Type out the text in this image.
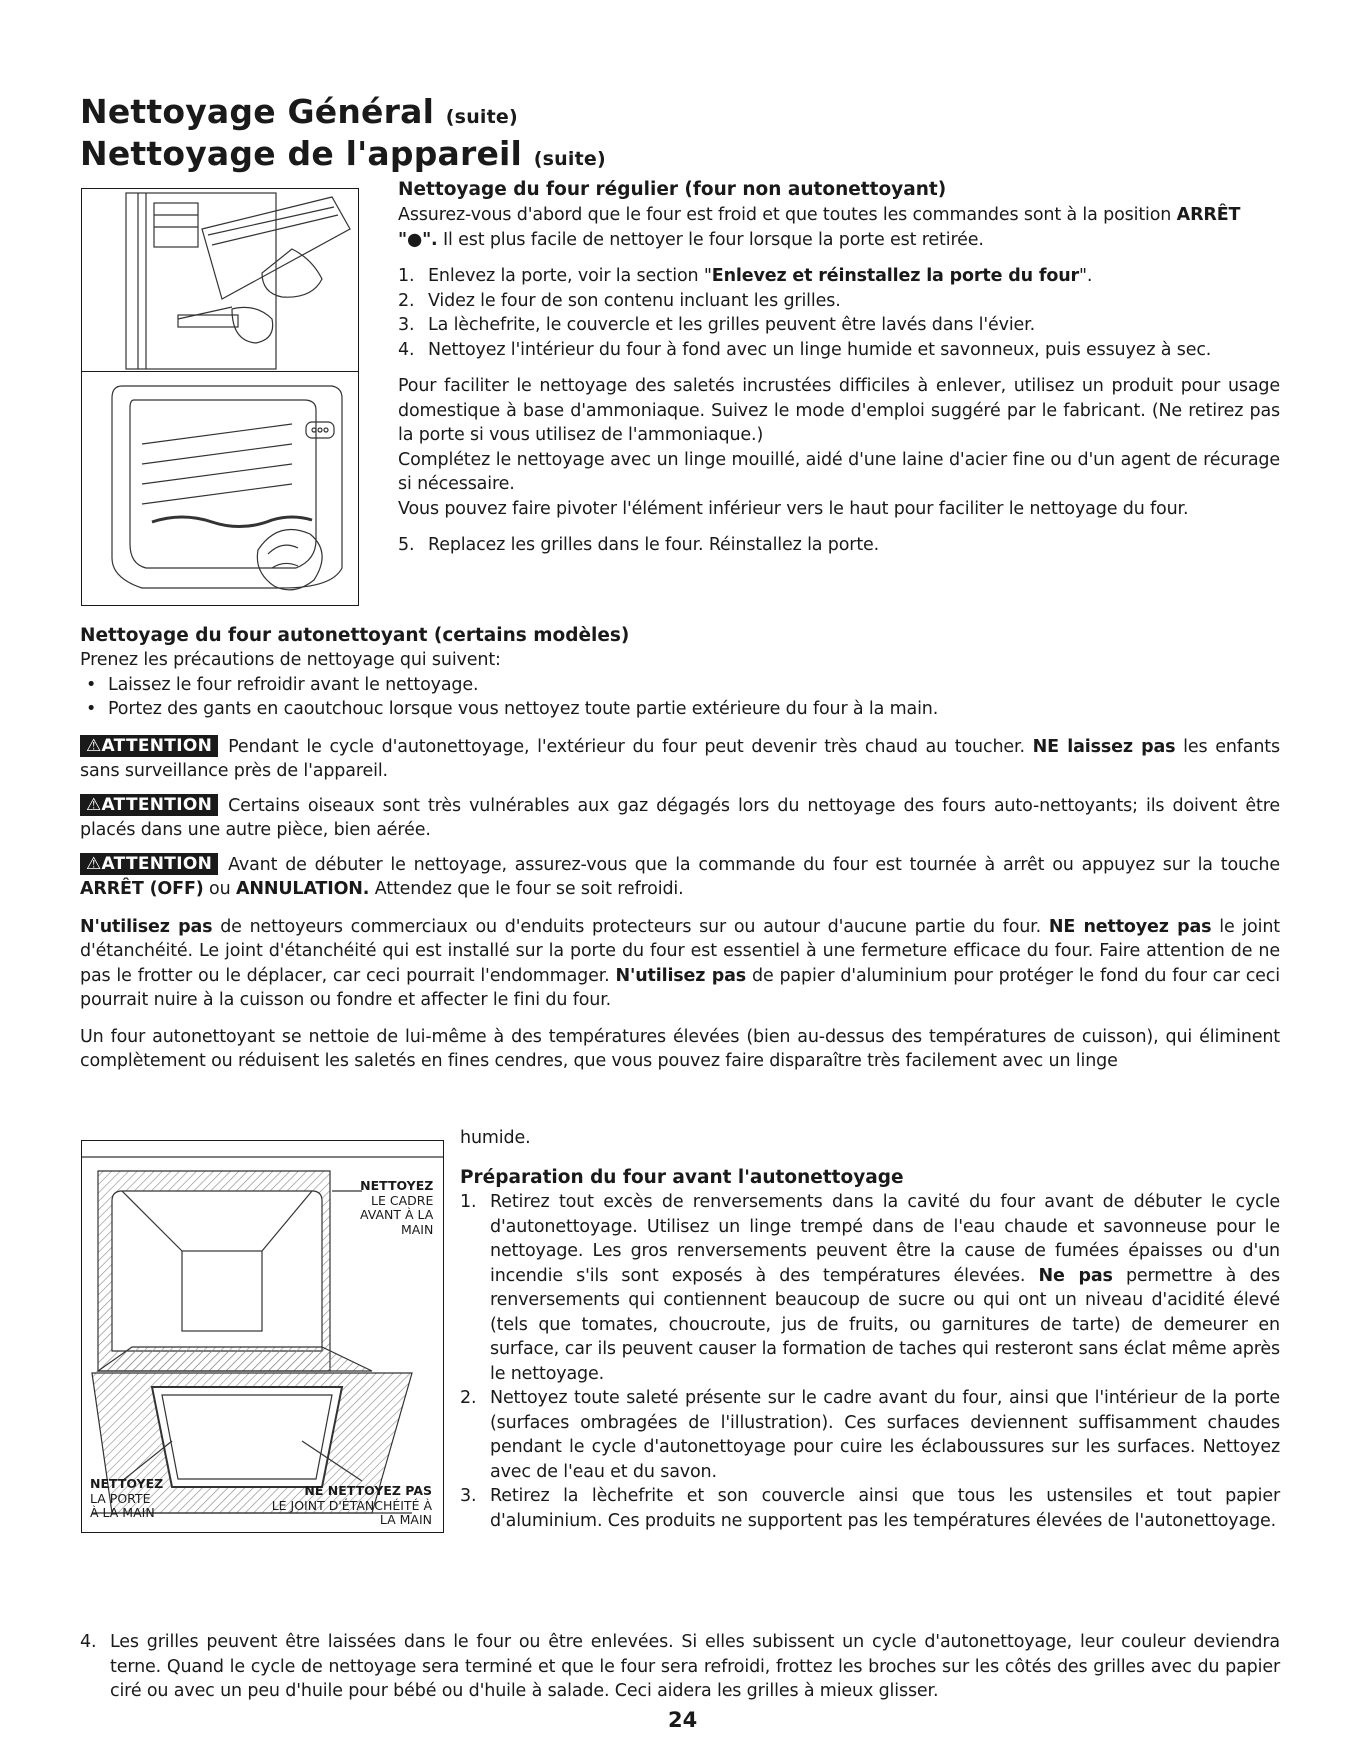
Nettoyage Général (suite)
Nettoyage de l'appareil (suite)
Nettoyage du four régulier (four non autonettoyant)
Assurez-vous d'abord que le four est froid et que toutes les commandes sont à la position ARRÊT "●". Il est plus facile de nettoyer le four lorsque la porte est retirée.
1. Enlevez la porte, voir la section "Enlevez et réinstallez la porte du four".
2. Videz le four de son contenu incluant les grilles.
3. La lèchefrite, le couvercle et les grilles peuvent être lavés dans l'évier.
4. Nettoyez l'intérieur du four à fond avec un linge humide et savonneux, puis essuyez à sec.
Pour faciliter le nettoyage des saletés incrustées difficiles à enlever, utilisez un produit pour usage domestique à base d'ammoniaque. Suivez le mode d'emploi suggéré par le fabricant. (Ne retirez pas la porte si vous utilisez de l'ammoniaque.)
Complétez le nettoyage avec un linge mouillé, aidé d'une laine d'acier fine ou d'un agent de récurage si nécessaire.
Vous pouvez faire pivoter l'élément inférieur vers le haut pour faciliter le nettoyage du four.
5. Replacez les grilles dans le four. Réinstallez la porte.
Nettoyage du four autonettoyant (certains modèles)
Prenez les précautions de nettoyage qui suivent:
• Laissez le four refroidir avant le nettoyage.
• Portez des gants en caoutchouc lorsque vous nettoyez toute partie extérieure du four à la main.
⚠ATTENTION Pendant le cycle d'autonettoyage, l'extérieur du four peut devenir très chaud au toucher. NE laissez pas les enfants sans surveillance près de l'appareil.
⚠ATTENTION Certains oiseaux sont très vulnérables aux gaz dégagés lors du nettoyage des fours auto-nettoyants; ils doivent être placés dans une autre pièce, bien aérée.
⚠ATTENTION Avant de débuter le nettoyage, assurez-vous que la commande du four est tournée à arrêt ou appuyez sur la touche ARRÊT (OFF) ou ANNULATION. Attendez que le four se soit refroidi.
N'utilisez pas de nettoyeurs commerciaux ou d'enduits protecteurs sur ou autour d'aucune partie du four. NE nettoyez pas le joint d'étanchéité. Le joint d'étanchéité qui est installé sur la porte du four est essentiel à une fermeture efficace du four. Faire attention de ne pas le frotter ou le déplacer, car ceci pourrait l'endommager. N'utilisez pas de papier d'aluminium pour protéger le fond du four car ceci pourrait nuire à la cuisson ou fondre et affecter le fini du four.
Un four autonettoyant se nettoie de lui-même à des températures élevées (bien au-dessus des températures de cuisson), qui éliminent complètement ou réduisent les saletés en fines cendres, que vous pouvez faire disparaître très facilement avec un linge
humide.
NETTOYEZ
LE CADRE
AVANT À LA
MAIN
NETTOYEZ
LA PORTE
À LA MAIN
NE NETTOYEZ PAS
LE JOINT D'ÉTANCHÉITÉ À
LA MAIN
Préparation du four avant l'autonettoyage
1. Retirez tout excès de renversements dans la cavité du four avant de débuter le cycle d'autonettoyage. Utilisez un linge trempé dans de l'eau chaude et savonneuse pour le nettoyage. Les gros renversements peuvent être la cause de fumées épaisses ou d'un incendie s'ils sont exposés à des températures élevées. Ne pas permettre à des renversements qui contiennent beaucoup de sucre ou qui ont un niveau d'acidité élevé (tels que tomates, choucroute, jus de fruits, ou garnitures de tarte) de demeurer en surface, car ils peuvent causer la formation de taches qui resteront sans éclat même après le nettoyage.
2. Nettoyez toute saleté présente sur le cadre avant du four, ainsi que l'intérieur de la porte (surfaces ombragées de l'illustration). Ces surfaces deviennent suffisamment chaudes pendant le cycle d'autonettoyage pour cuire les éclaboussures sur les surfaces. Nettoyez avec de l'eau et du savon.
3. Retirez la lèchefrite et son couvercle ainsi que tous les ustensiles et tout papier d'aluminium. Ces produits ne supportent pas les températures élevées de l'autonettoyage.
4. Les grilles peuvent être laissées dans le four ou être enlevées. Si elles subissent un cycle d'autonettoyage, leur couleur deviendra terne. Quand le cycle de nettoyage sera terminé et que le four sera refroidi, frottez les broches sur les côtés des grilles avec du papier ciré ou avec un peu d'huile pour bébé ou d'huile à salade. Ceci aidera les grilles à mieux glisser.
24
